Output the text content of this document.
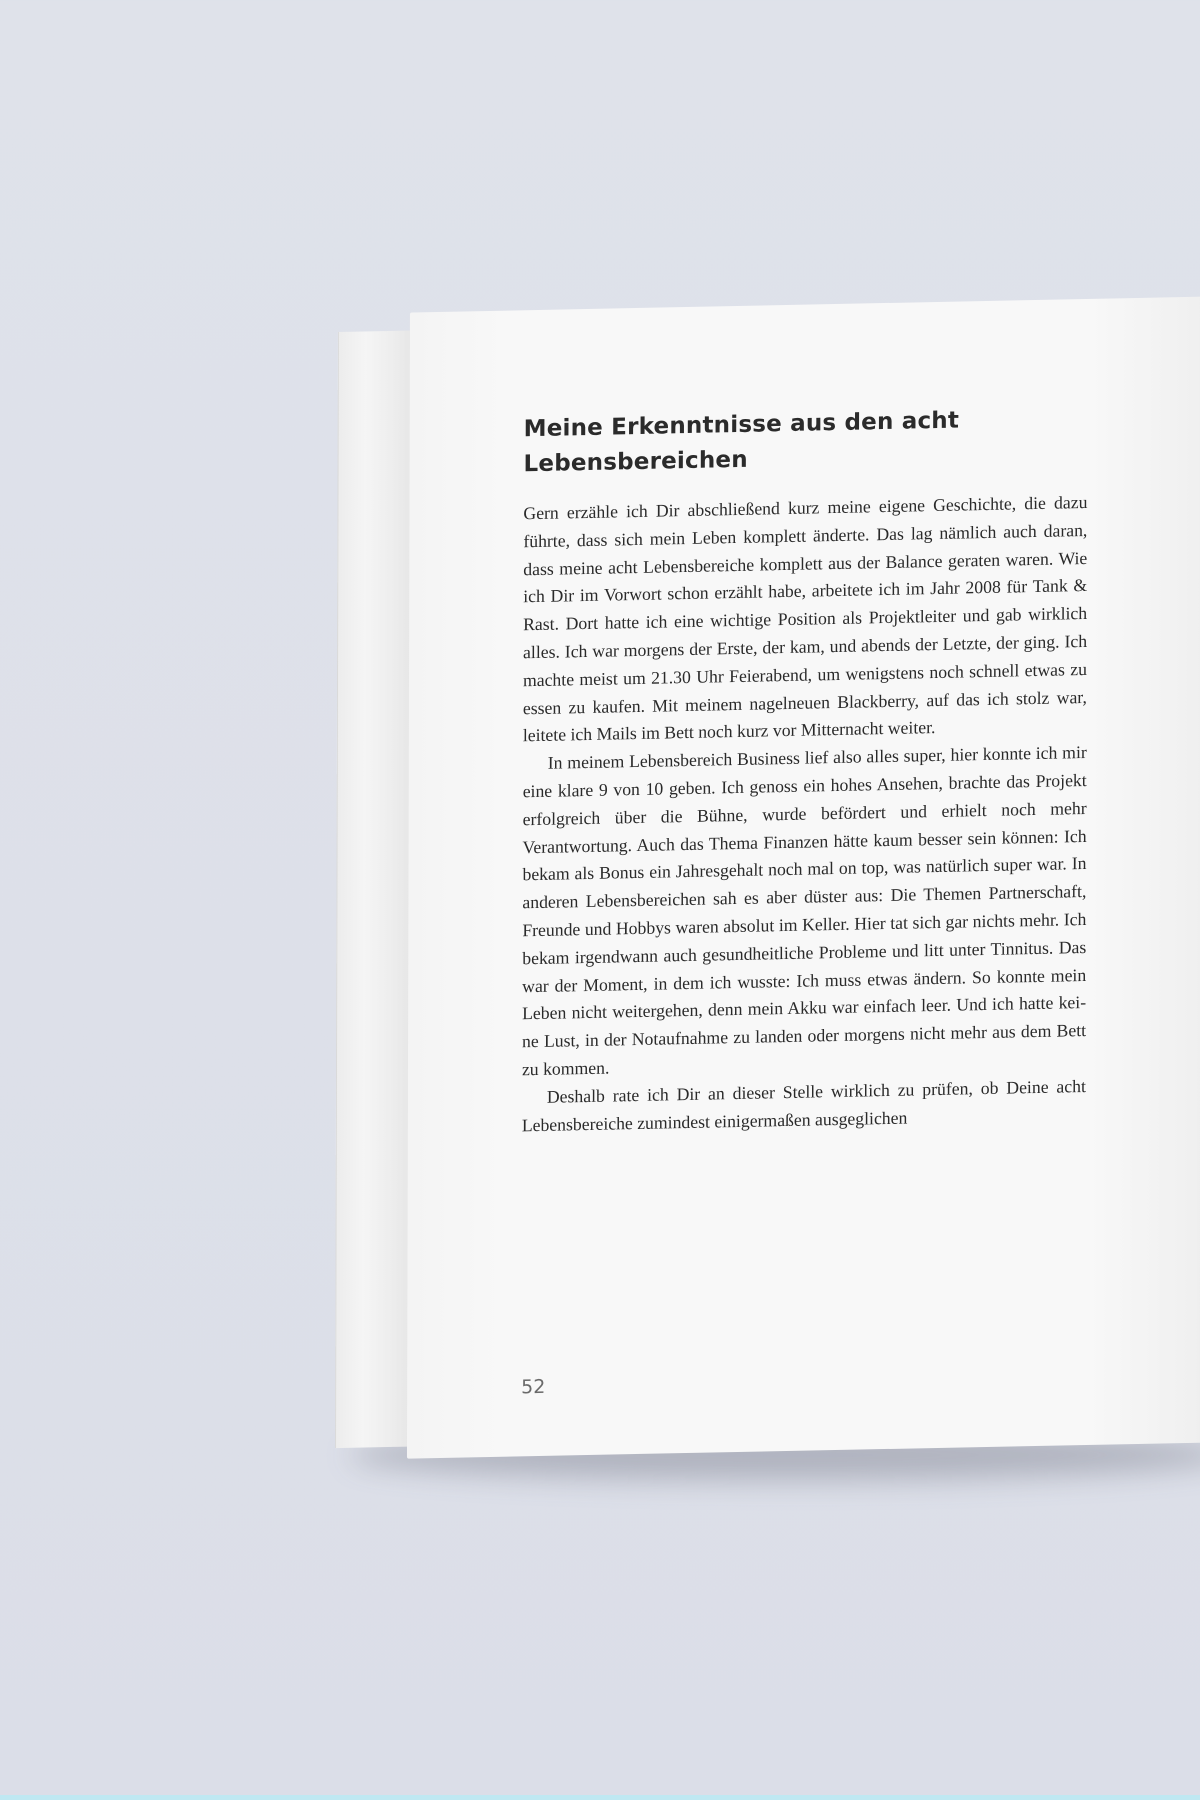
Meine Erkenntnisse aus den acht Lebensbereichen

Gern erzähle ich Dir abschließend kurz meine eigene Geschichte, die dazu führte, dass sich mein Leben komplett änderte. Das lag nämlich auch daran, dass meine acht Lebensbereiche komplett aus der Balance geraten waren. Wie ich Dir im Vorwort schon erzählt habe, arbeitete ich im Jahr 2008 für Tank & Rast. Dort hatte ich eine wichtige Position als Projektleiter und gab wirklich alles. Ich war morgens der Erste, der kam, und abends der Letzte, der ging. Ich machte meist um 21.30 Uhr Feierabend, um wenigstens noch schnell etwas zu essen zu kaufen. Mit meinem nagelneuen Blackberry, auf das ich stolz war, leitete ich Mails im Bett noch kurz vor Mitternacht weiter.

In meinem Lebensbereich Business lief also alles super, hier konnte ich mir eine klare 9 von 10 geben. Ich genoss ein hohes Ansehen, brachte das Projekt erfolgreich über die Bühne, wurde befördert und erhielt noch mehr Verantwortung. Auch das Thema Finanzen hätte kaum besser sein können: Ich bekam als Bonus ein Jahresgehalt noch mal on top, was natürlich super war. In anderen Lebensbereichen sah es aber düster aus: Die Themen Partnerschaft, Freunde und Hobbys waren absolut im Keller. Hier tat sich gar nichts mehr. Ich bekam irgendwann auch gesundheitliche Probleme und litt unter Tinnitus. Das war der Moment, in dem ich wusste: Ich muss etwas ändern. So konnte mein Leben nicht weitergehen, denn mein Akku war einfach leer. Und ich hatte keine Lust, in der Notaufnahme zu landen oder morgens nicht mehr aus dem Bett zu kommen.

Deshalb rate ich Dir an dieser Stelle wirklich zu prüfen, ob Deine acht Lebensbereiche zumindest einigermaßen ausgeglichen

52
